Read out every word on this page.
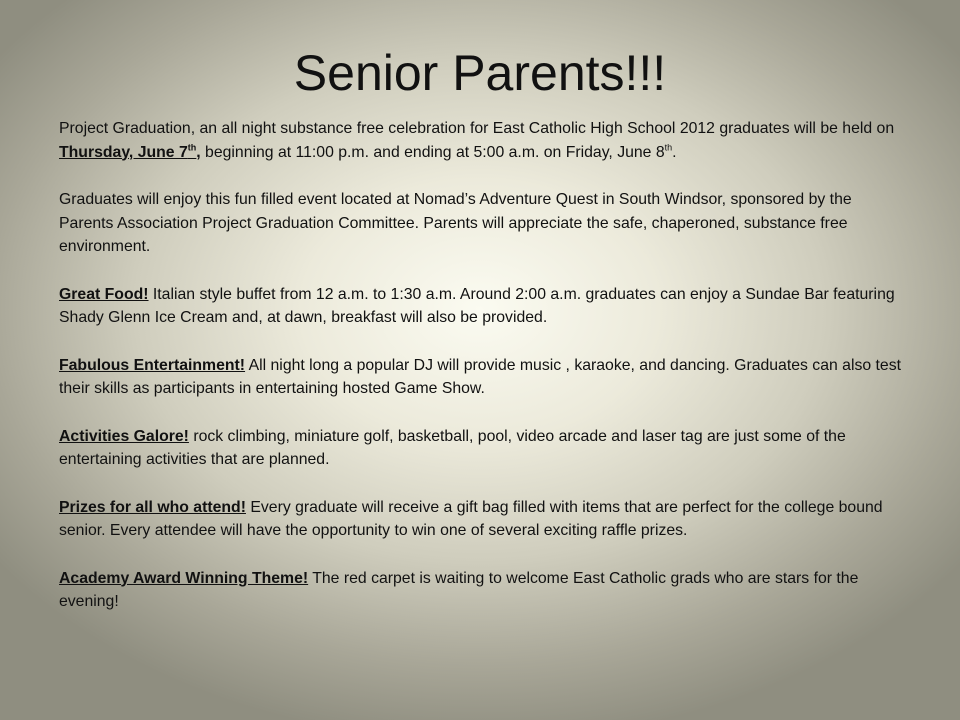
Senior Parents!!!

Project Graduation, an all night substance free celebration for East Catholic High School 2012 graduates will be held on Thursday, June 7th, beginning at 11:00 p.m. and ending at 5:00 a.m. on Friday, June 8th.

Graduates will enjoy this fun filled event located at Nomad’s Adventure Quest in South Windsor, sponsored by the Parents Association Project Graduation Committee. Parents will appreciate the safe, chaperoned, substance free environment.

Great Food! Italian style buffet from 12 a.m. to 1:30 a.m. Around 2:00 a.m. graduates can enjoy a Sundae Bar featuring Shady Glenn Ice Cream and, at dawn, breakfast will also be provided.

Fabulous Entertainment! All night long a popular DJ will provide music , karaoke, and dancing. Graduates can also test their skills as participants in entertaining hosted Game Show.

Activities Galore! rock climbing, miniature golf, basketball, pool, video arcade and laser tag are just some of the entertaining activities that are planned.

Prizes for all who attend! Every graduate will receive a gift bag filled with items that are perfect for the college bound senior. Every attendee will have the opportunity to win one of several exciting raffle prizes.

Academy Award Winning Theme! The red carpet is waiting to welcome East Catholic grads who are stars for the evening!
